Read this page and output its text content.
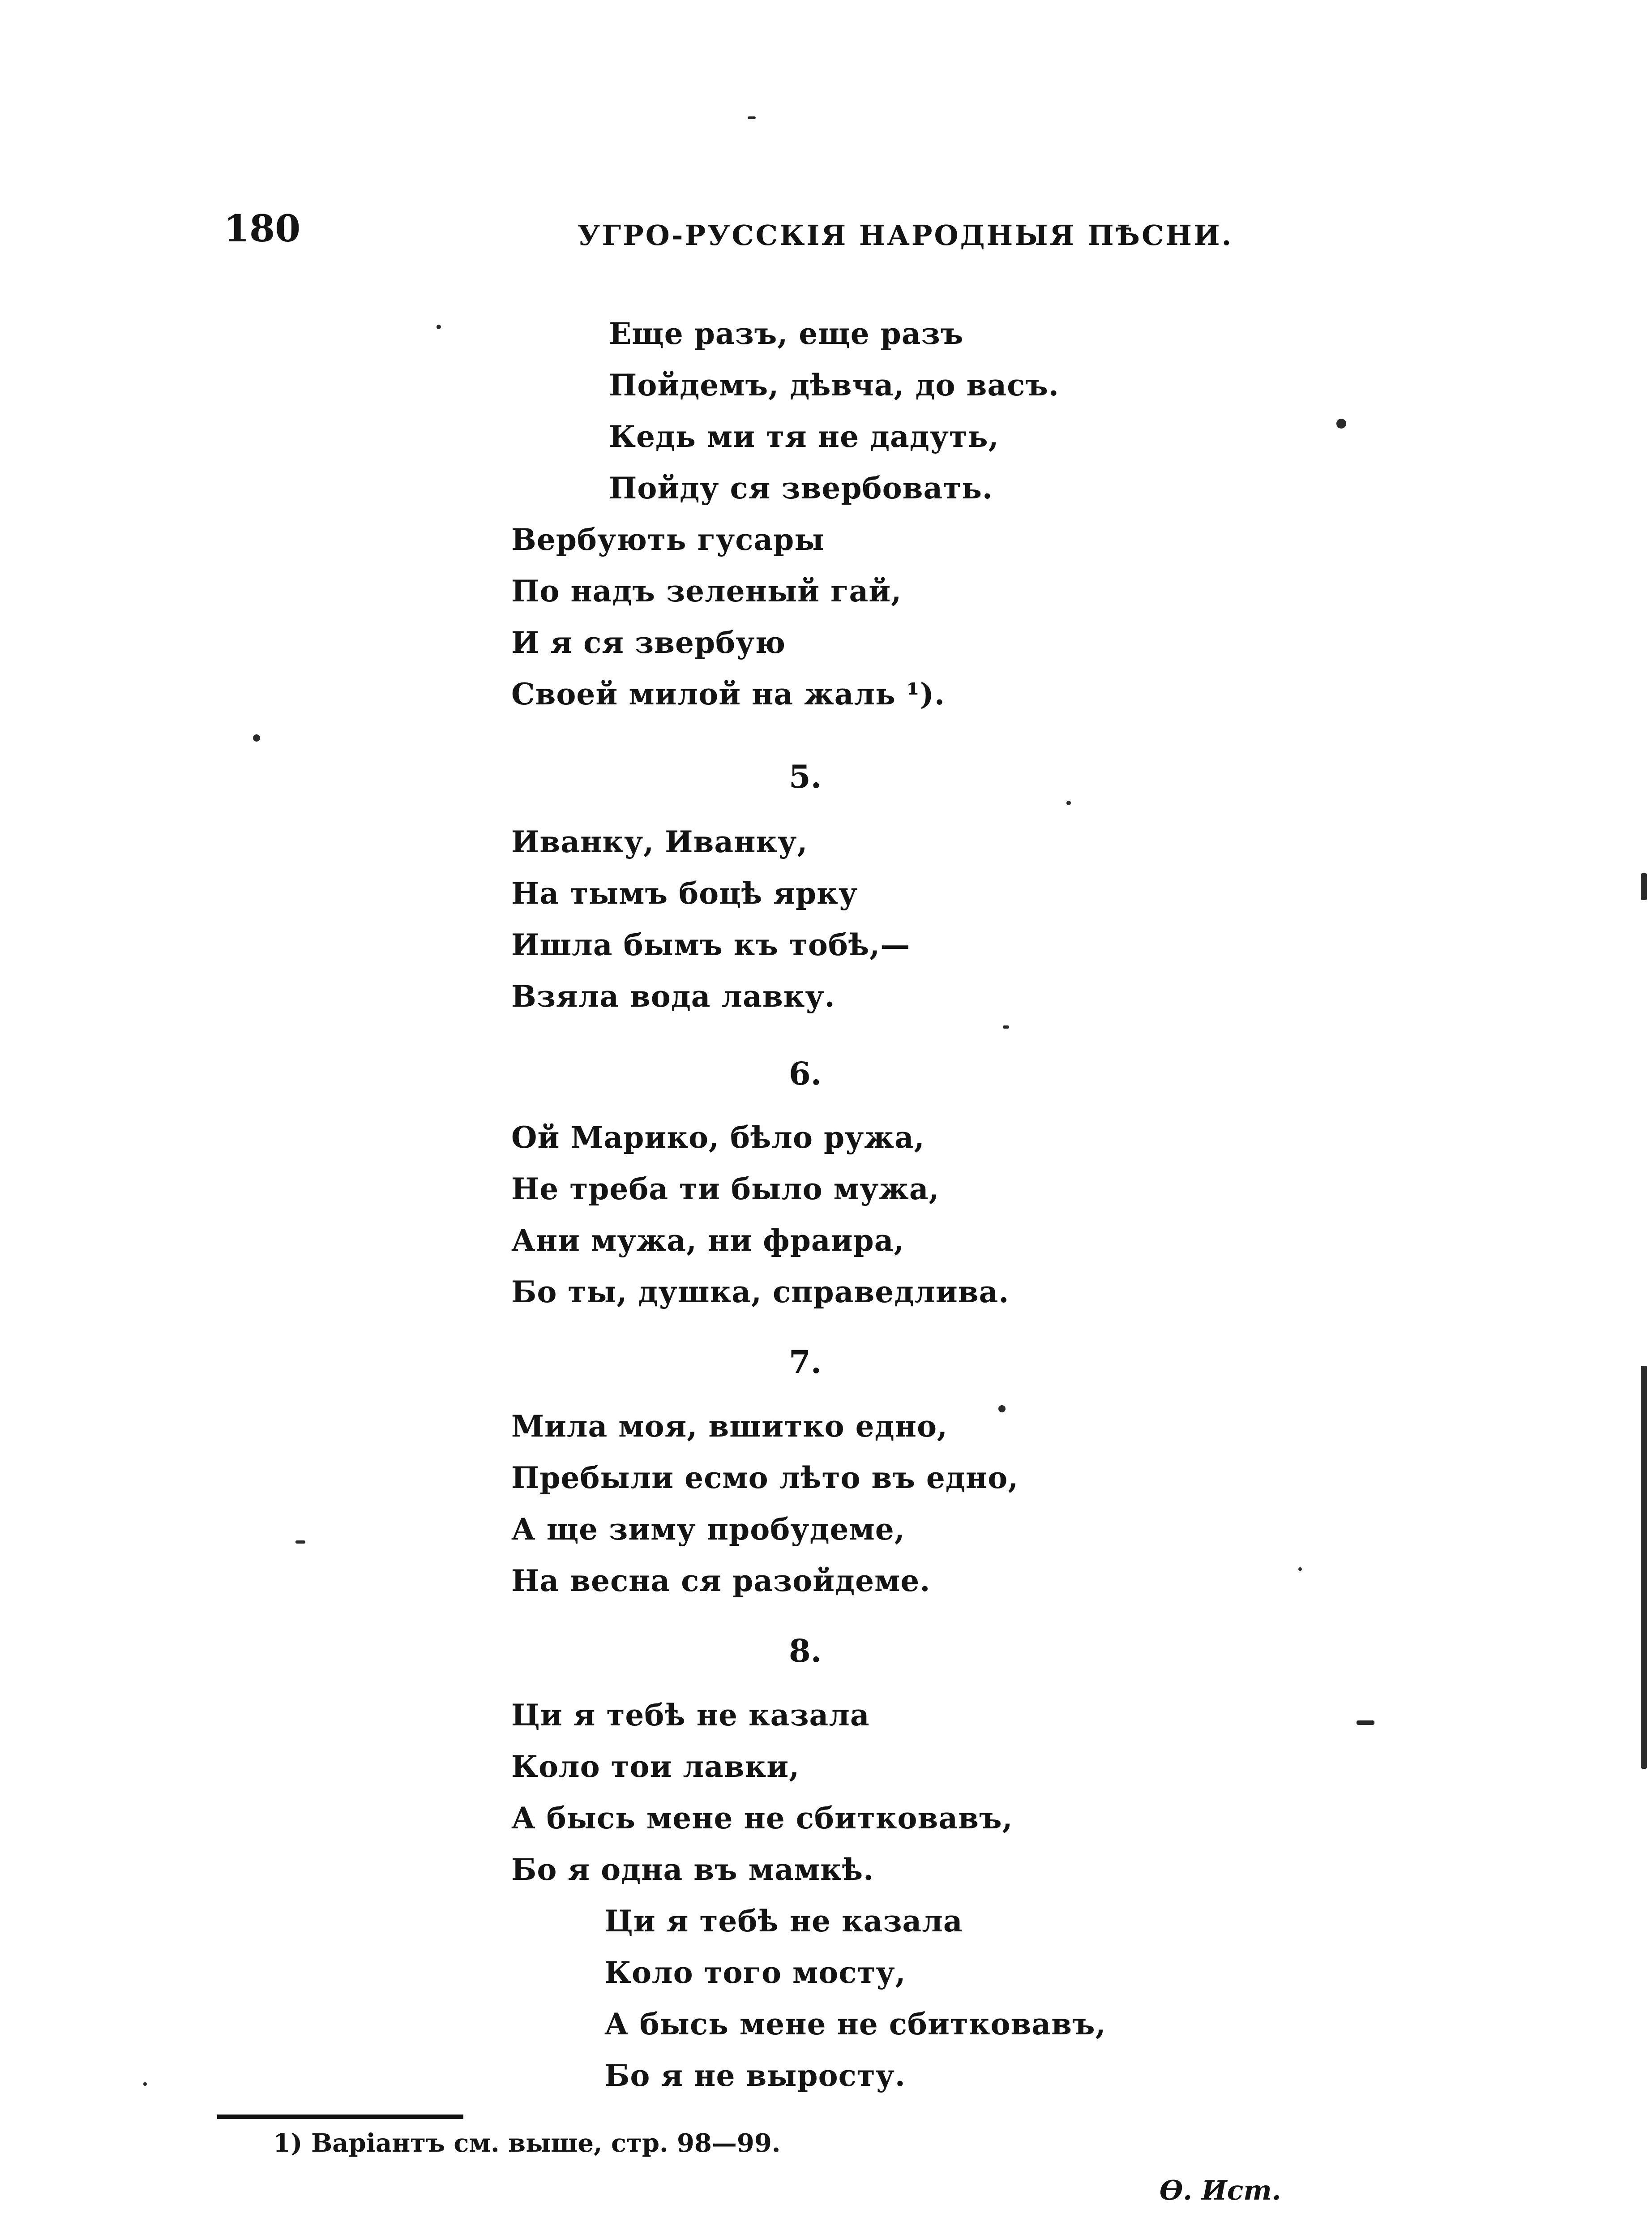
180	УГРО-РУССКІЯ НАРОДНЫЯ ПѢСНИ.
Еще разъ, еще разъ
Пойдемъ, дѣвча, до васъ.
Кедь ми тя не дадуть,
Пойду ся звербовать.
Вербують гусары
По надъ зеленый гай,
И я ся звербую
Своей милой на жаль ¹).
5.
Иванку, Иванку,
На тымъ боцѣ ярку
Ишла бымъ къ тобѣ,—
Взяла вода лавку.
6.
Ой Марико, бѣло ружа,
Не треба ти было мужа,
Ани мужа, ни фраира,
Бо ты, душка, справедлива.
7.
Мила моя, вшитко едно,
Пребыли есмо лѣто въ едно,
А ще зиму пробудеме,
На весна ся разойдеме.
8.
Ци я тебѣ не казала
Коло тои лавки,
А бысь мене не сбитковавъ,
Бо я одна въ мамкѣ.
Ци я тебѣ не казала
Коло того мосту,
А бысь мене не сбитковавъ,
Бо я не выросту.
1) Варіантъ см. выше, стр. 98—99.
Ѳ. Ист.
